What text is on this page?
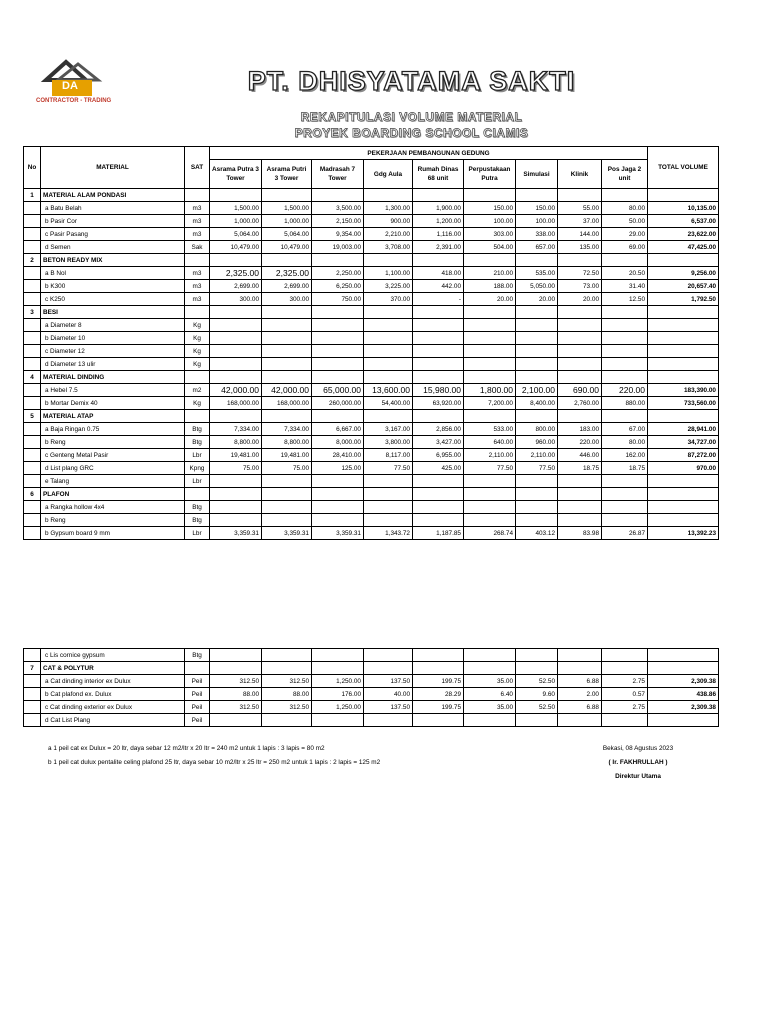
DA
CONTRACTOR - TRADING
PT. DHISYATAMA SAKTI
REKAPITULASI VOLUME MATERIAL
PROYEK BOARDING SCHOOL CIAMIS
No	MATERIAL	SAT	PEKERJAAN PEMBANGUNAN GEDUNG									TOTAL VOLUME
			Asrama Putra 3 Tower	Asrama Putri 3 Tower	Madrasah 7 Tower	Gdg Aula	Rumah Dinas 68 unit	Perpustakaan Putra	Simulasi	Klinik	Pos Jaga 2 unit	
1	MATERIAL ALAM PONDASI											
	a Batu Belah	m3	1,500.00	1,500.00	3,500.00	1,300.00	1,900.00	150.00	150.00	55.00	80.00	10,135.00
	b Pasir Cor	m3	1,000.00	1,000.00	2,150.00	900.00	1,200.00	100.00	100.00	37.00	50.00	6,537.00
	c Pasir Pasang	m3	5,064.00	5,064.00	9,354.00	2,210.00	1,116.00	303.00	338.00	144.00	29.00	23,622.00
	d Semen	Sak	10,479.00	10,479.00	19,003.00	3,708.00	2,391.00	504.00	657.00	135.00	69.00	47,425.00
2	BETON READY MIX											
	a B Nol	m3	2,325.00	2,325.00	2,250.00	1,100.00	418.00	210.00	535.00	72.50	20.50	9,256.00
	b K300	m3	2,699.00	2,699.00	6,250.00	3,225.00	442.00	188.00	5,050.00	73.00	31.40	20,657.40
	c K250	m3	300.00	300.00	750.00	370.00	-	20.00	20.00	20.00	12.50	1,792.50
3	BESI											
	a Diameter 8	Kg										
	b Diameter 10	Kg										
	c Diameter 12	Kg										
	d Diameter 13 ulir	Kg										
4	MATERIAL DINDING											
	a Hebel 7.5	m2	42,000.00	42,000.00	65,000.00	13,600.00	15,980.00	1,800.00	2,100.00	690.00	220.00	183,390.00
	b Mortar Demix 40	Kg	168,000.00	168,000.00	260,000.00	54,400.00	63,920.00	7,200.00	8,400.00	2,760.00	880.00	733,560.00
5	MATERIAL ATAP											
	a Baja Ringan 0.75	Btg	7,334.00	7,334.00	6,667.00	3,167.00	2,856.00	533.00	800.00	183.00	67.00	28,941.00
	b Reng	Btg	8,800.00	8,800.00	8,000.00	3,800.00	3,427.00	640.00	960.00	220.00	80.00	34,727.00
	c Genteng Metal Pasir	Lbr	19,481.00	19,481.00	28,410.00	8,117.00	6,955.00	2,110.00	2,110.00	446.00	162.00	87,272.00
	d List plang GRC	Kpng	75.00	75.00	125.00	77.50	425.00	77.50	77.50	18.75	18.75	970.00
	e Talang	Lbr										
6	PLAFON											
	a Rangka hollow 4x4	Btg										
	b Reng	Btg										
	b Gypsum board 9 mm	Lbr	3,359.31	3,359.31	3,359.31	1,343.72	1,187.85	268.74	403.12	83.98	26.87	13,392.23
	c Lis cornice gypsum	Btg										
7	CAT & POLYTUR											
	a Cat dinding interior ex Dulux	Peil	312.50	312.50	1,250.00	137.50	199.75	35.00	52.50	6.88	2.75	2,309.38
	b Cat plafond ex. Dulux	Peil	88.00	88.00	176.00	40.00	28.29	6.40	9.60	2.00	0.57	438.86
	c Cat dinding exterior ex Dulux	Peil	312.50	312.50	1,250.00	137.50	199.75	35.00	52.50	6.88	2.75	2,309.38
	d Cat List Plang	Peil										
a 1 peil cat ex Dulux = 20 ltr, daya sebar 12 m2/ltr x 20 ltr = 240 m2 untuk 1 lapis : 3 lapis = 80 m2
b 1 peil cat dulux pentalite celing plafond 25 ltr, daya sebar 10 m2/ltr x 25 ltr = 250 m2 untuk 1 lapis : 2 lapis = 125 m2
Bekasi, 08 Agustus 2023
( Ir. FAKHRULLAH )
Direktur Utama
